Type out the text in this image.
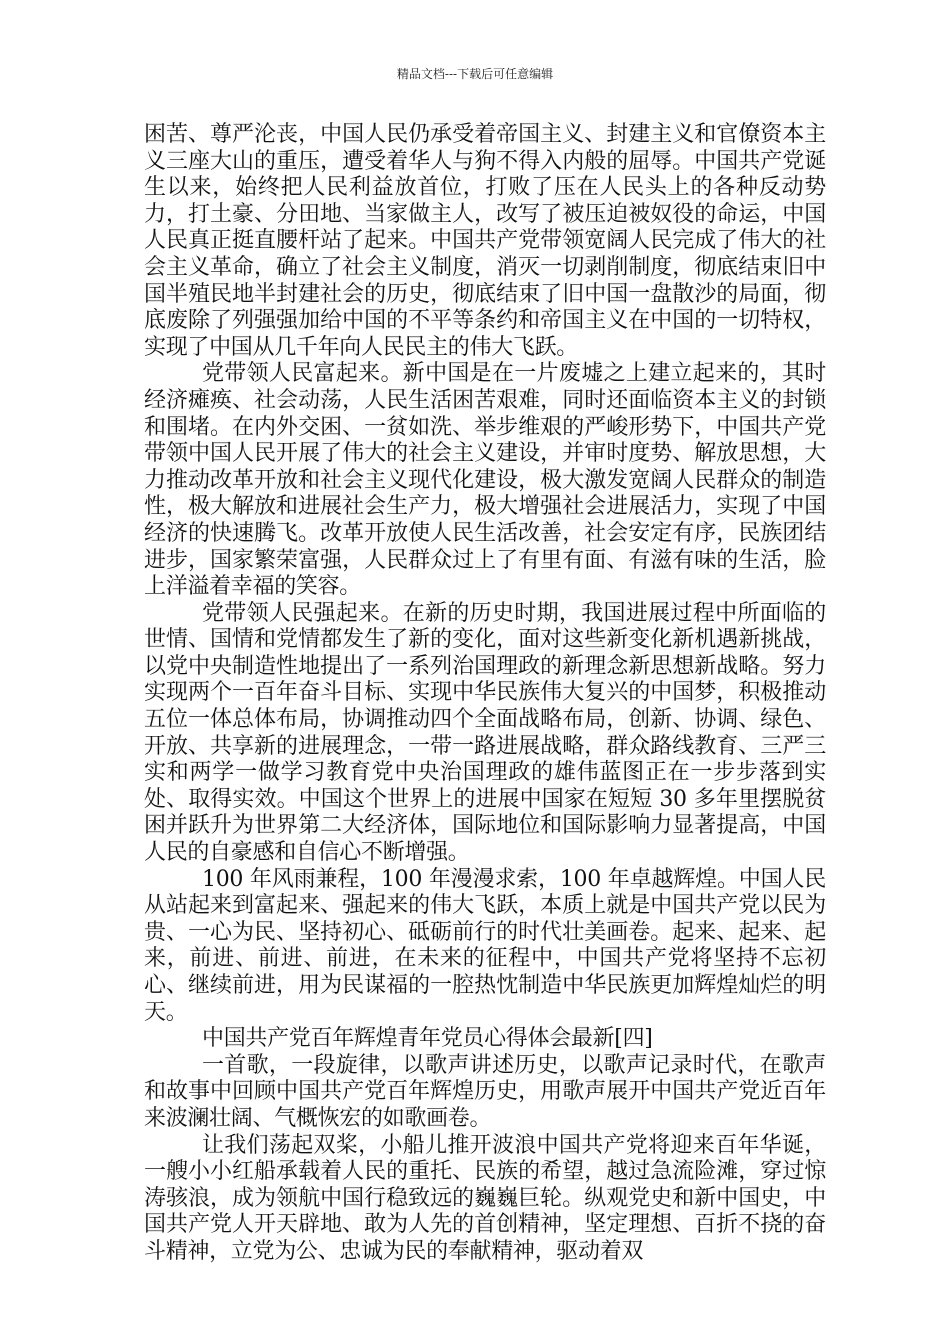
精品文档---下载后可任意编辑

困苦、尊严沦丧，中国人民仍承受着帝国主义、封建主义和官僚资本主义三座大山的重压，遭受着华人与狗不得入内般的屈辱。中国共产党诞生以来，始终把人民利益放首位，打败了压在人民头上的各种反动势力，打土豪、分田地、当家做主人，改写了被压迫被奴役的命运，中国人民真正挺直腰杆站了起来。中国共产党带领宽阔人民完成了伟大的社会主义革命，确立了社会主义制度，消灭一切剥削制度，彻底结束旧中国半殖民地半封建社会的历史，彻底结束了旧中国一盘散沙的局面，彻底废除了列强强加给中国的不平等条约和帝国主义在中国的一切特权，实现了中国从几千年向人民民主的伟大飞跃。

党带领人民富起来。新中国是在一片废墟之上建立起来的，其时经济瘫痪、社会动荡，人民生活困苦艰难，同时还面临资本主义的封锁和围堵。在内外交困、一贫如洗、举步维艰的严峻形势下，中国共产党带领中国人民开展了伟大的社会主义建设，并审时度势、解放思想，大力推动改革开放和社会主义现代化建设，极大激发宽阔人民群众的制造性，极大解放和进展社会生产力，极大增强社会进展活力，实现了中国经济的快速腾飞。改革开放使人民生活改善，社会安定有序，民族团结进步，国家繁荣富强，人民群众过上了有里有面、有滋有味的生活，脸上洋溢着幸福的笑容。

党带领人民强起来。在新的历史时期，我国进展过程中所面临的世情、国情和党情都发生了新的变化，面对这些新变化新机遇新挑战，以党中央制造性地提出了一系列治国理政的新理念新思想新战略。努力实现两个一百年奋斗目标、实现中华民族伟大复兴的中国梦，积极推动五位一体总体布局，协调推动四个全面战略布局，创新、协调、绿色、开放、共享新的进展理念，一带一路进展战略，群众路线教育、三严三实和两学一做学习教育党中央治国理政的雄伟蓝图正在一步步落到实处、取得实效。中国这个世界上的进展中国家在短短 30 多年里摆脱贫困并跃升为世界第二大经济体，国际地位和国际影响力显著提高，中国人民的自豪感和自信心不断增强。

100 年风雨兼程，100 年漫漫求索，100 年卓越辉煌。中国人民从站起来到富起来、强起来的伟大飞跃，本质上就是中国共产党以民为贵、一心为民、坚持初心、砥砺前行的时代壮美画卷。起来、起来、起来，前进、前进、前进，在未来的征程中，中国共产党将坚持不忘初心、继续前进，用为民谋福的一腔热忱制造中华民族更加辉煌灿烂的明天。

中国共产党百年辉煌青年党员心得体会最新[四]

一首歌，一段旋律，以歌声讲述历史，以歌声记录时代，在歌声和故事中回顾中国共产党百年辉煌历史，用歌声展开中国共产党近百年来波澜壮阔、气概恢宏的如歌画卷。

让我们荡起双桨，小船儿推开波浪中国共产党将迎来百年华诞，一艘小小红船承载着人民的重托、民族的希望，越过急流险滩，穿过惊涛骇浪，成为领航中国行稳致远的巍巍巨轮。纵观党史和新中国史，中国共产党人开天辟地、敢为人先的首创精神，坚定理想、百折不挠的奋斗精神，立党为公、忠诚为民的奉献精神，驱动着双
